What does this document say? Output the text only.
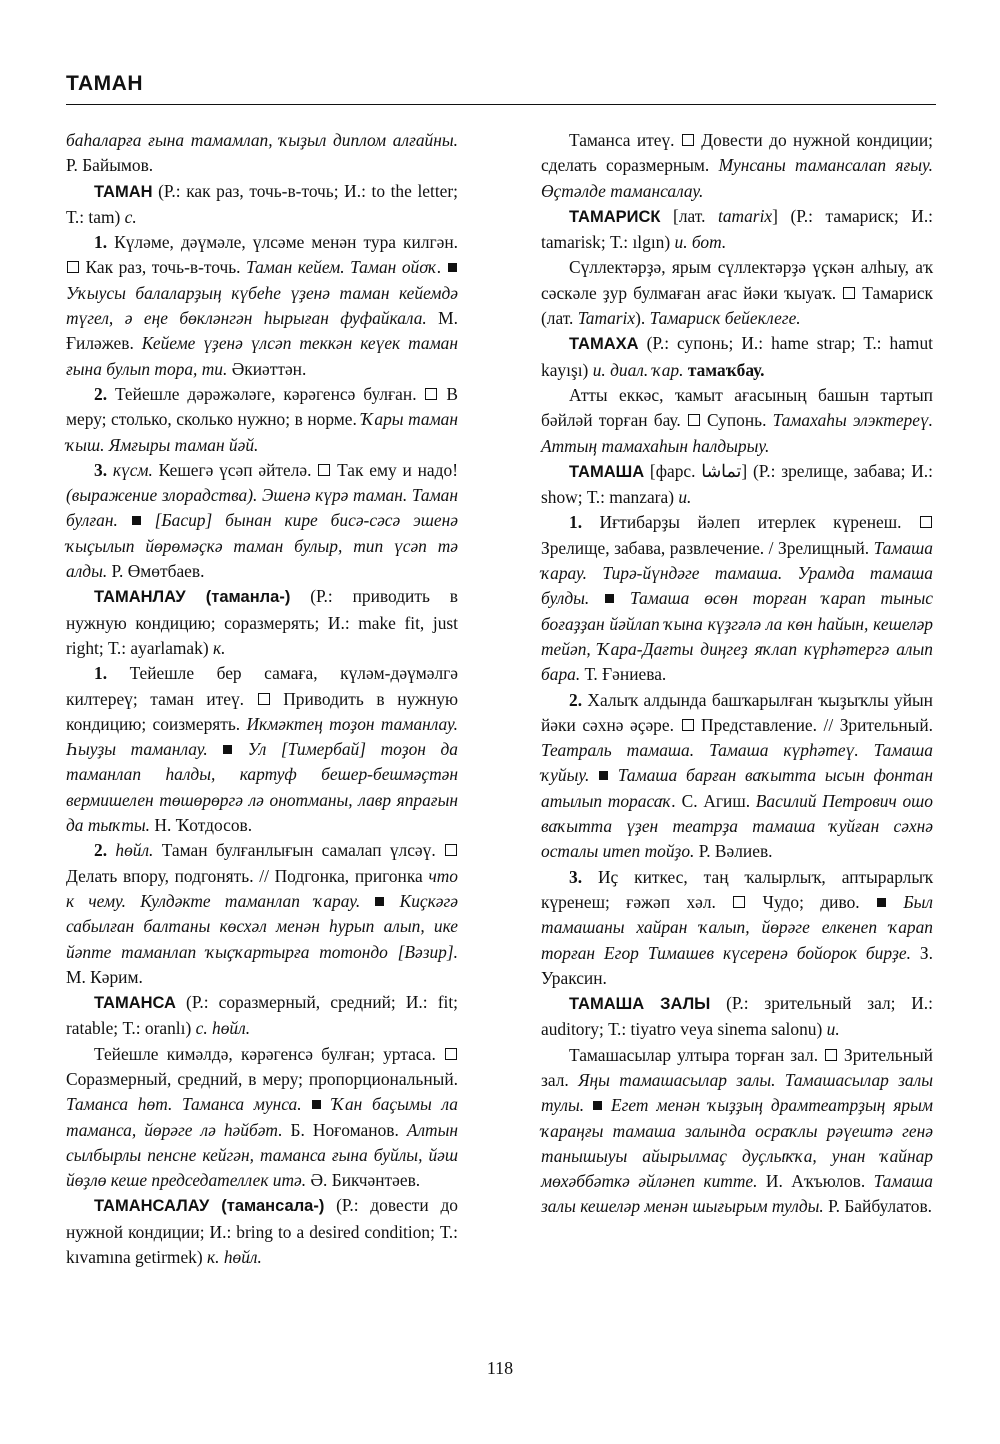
ТАМАН

баһаларға ғына тамамлап, ҡыҙыл диплом алғайны. Р. Байымов.

ТАМАН (Р.: как раз, точь-в-точь; И.: to the letter; Т.: tam) с.

1. Күләме, дәүмәле, үлсәме менән тура килгән.  Как раз, точь-в-точь. Таман кейем. Таман ойоҡ.  Уҡыусы балаларҙың күбеһе үҙенә таман кейемдә түгел, ә еңе бөкләнгән һырыған фуфайкала. М. Ғиләжев. Кейеме үҙенә үлсәп теккән кеүек таман ғына булып тора, ти. Әкиәттән.

2. Тейешле дәрәжәләге, кәрәгенсә булған.  В меру; столько, сколько нужно; в норме. Ҡары таман ҡыш. Ямғыры таман йәй.

3. күсм. Кешегә үсәп әйтелә.  Так ему и надо! (выражение злорадства). Эшенә күрә таман. Таман булған.  [Басир] бынан кире бисә-сәсә эшенә ҡыҫылып йөрөмәҫкә таман булыр, тип үсәп тә алды. Р. Өмөтбаев.

ТАМАНЛАУ (таманла-) (Р.: приводить в нужную кондицию; соразмерять; И.: make fit, just right; Т.: ayarlamak) к.

1. Тейешле бер самаға, күләм-дәүмәлгә килтереү; таман итеү.  Приводить в нужную кондицию; соизмерять. Икмәктең тоҙон таманлау. Һыуҙы таманлау.  Ул [Тимербай] тоҙон да таманлап һалды, картуф бешер-бешмәҫтән вермишелен төшөрөргә лә онотманы, лавр япрағын да тыҡты. Н. Ҡотдосов.

2. һөйл. Таман булғанлығын самалап үлсәү.  Делать впору, подгонять. // Подгонка, пригонка что к чему. Кулдәкте таманлап ҡарау.  Киҫкәгә сабылған балтаны көсхәл менән һурып алып, ике йәпте таманлап ҡыҫҡартырға тотондо [Вәзир]. М. Кәрим.

ТАМАНСА (Р.: соразмерный, средний; И.: fit; ratable; Т.: oranlı) с. һөйл.

Тейешле кимәлдә, кәрәгенсә булған; уртаса.  Соразмерный, средний, в меру; пропорциональный. Таманса һөт. Таманса мунса.  Ҡан баҫымы ла таманса, йөрәге лә һәйбәт. Б. Ноғоманов. Алтын сылбырлы пенсне кейгән, таманса ғына буйлы, йәш йөҙлө кеше председателлек итә. Ә. Бикчәнтәев.

ТАМАНСАЛАУ (тамансала-) (Р.: довести до нужной кондиции; И.: bring to a desired condition; Т.: kıvamına getirmek) к. һөйл.

Таманса итеү.  Довести до нужной кондиции; сделать соразмерным. Мунсаны тамансалап яғыу. Өҫтәлде тамансалау.

ТАМАРИСК [лат. tamarix] (Р.: тамариск; И.: tamarisk; Т.: ılgın) и. бот.

Сүллектәрҙә, ярым сүллектәрҙә үҫкән алһыу, аҡ сәскәле ҙур булмаған ағас йәки ҡыуаҡ.  Тамариск (лат. Tamarix). Тамариск бейеклеге.

ТАМАХА (Р.: супонь; И.: hame strap; Т.: hamut kayışı) и. диал. ҡар. тамаҡбау.

Атты еккәс, ҡамыт ағасының башын тартып бәйләй торған бау.  Супонь. Тамахаһы элэктерeү. Аттың тамахаһын һалдырыу.

ТАМАША [фарс. تماشا] (Р.: зрелище, забава; И.: show; Т.: manzara) и.

1. Иғтибарҙы йәлеп итерлек күренеш.  Зрелище, забава, развлечение. / Зрелищный. Тамаша ҡарау. Тирә-йүндәге тамаша. Урамда тамаша булды.  Тамаша өсөн торған ҡарап тыныс боғаҙҙан йәйлап ҡына күҙгәлә ла көн һайын, кешеләр тейәп, Ҡара-Дағты диңгеҙ яҡлап күрһәтергә алып бара. Т. Ғәниева.

2. Халыҡ алдында башҡарылған ҡыҙыҡлы уйын йәки сәхнә әҫәре.  Представление. // Зрительный. Театраль тамаша. Тамаша күрһәтеү. Тамаша ҡуйыу.  Тамаша барған ваҡытта ысын фонтан атылып торасаҡ. С. Агиш. Василий Петрович ошо ваҡытта үҙен театрҙа тамаша ҡуйған сәхнә осталы итеп тойҙо. Р. Вәлиев.

3. Иҫ киткес, таң ҡалырлыҡ, аптырарлыҡ күренеш; ғәжәп хәл.  Чудо; диво.  Был тамашаны хайран ҡалып, йөрәге елкенеп ҡарап торған Егор Тимашев күсеренә бойорок бирҙе. З. Ураксин.

ТАМАША ЗАЛЫ (Р.: зрительный зал; И.: auditory; Т.: tiyatro veya sinema salonu) и.

Тамашасылар ултыра торған зал.  Зрительный зал. Яңы тамашасылар залы. Тамашасылар залы тулы.  Егет менән ҡыҙҙың драмтеатрҙың ярым ҡараңғы тамаша залында осраҡлы рәүештә генә танышыуы айырылмаҫ дуҫлыҡҡа, унан ҡайнар мөхәббәткә әйләнеп китте. И. Аҡъюлов. Тамаша залы кешеләр менән шығырым тулды. Р. Байбулатов.

118
